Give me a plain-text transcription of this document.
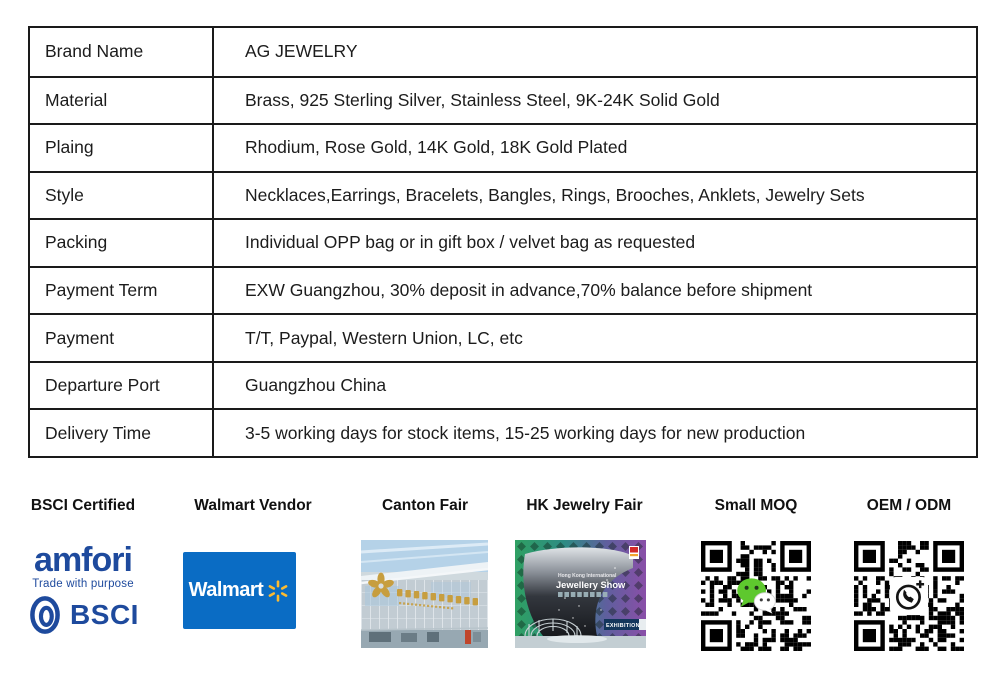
Brand Name	AG JEWELRY
Material	Brass, 925 Sterling Silver, Stainless Steel, 9K-24K Solid Gold
Plaing	Rhodium, Rose Gold, 14K Gold, 18K Gold Plated
Style	Necklaces,Earrings, Bracelets, Bangles, Rings, Brooches, Anklets, Jewelry Sets
Packing	Individual OPP bag or in gift box / velvet bag as requested
Payment Term	EXW Guangzhou, 30% deposit in advance,70% balance before shipment
Payment	T/T, Paypal, Western Union, LC, etc
Departure Port	Guangzhou China
Delivery Time	3-5 working days for stock items, 15-25 working days for new production
BSCI Certified
amfori
Trade with purpose
BSCI
Walmart Vendor
Walmart
Canton Fair	HK Jewelry Fair
Hong Kong International
Jewellery Show
EXHIBITION
Small MOQ	OEM / ODM
